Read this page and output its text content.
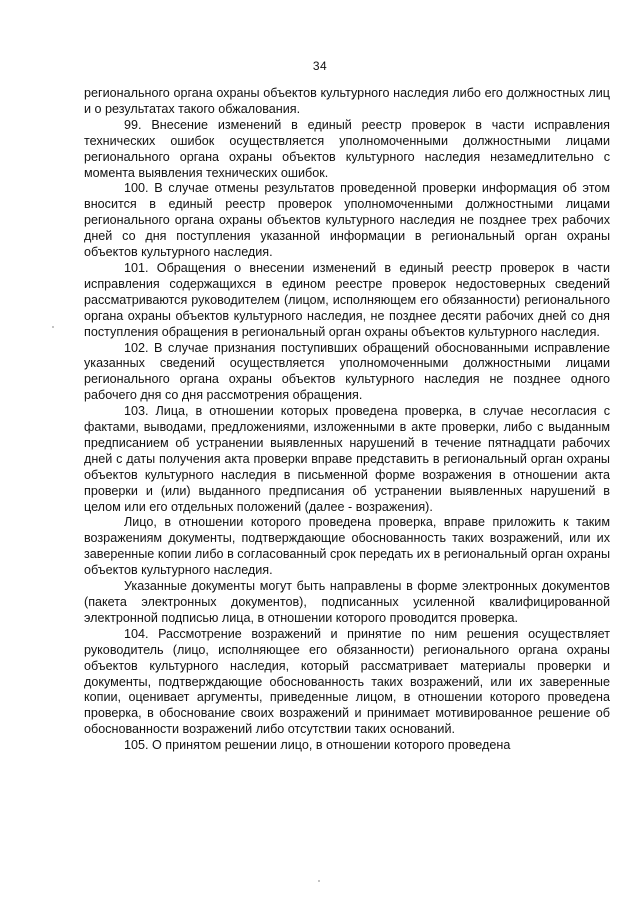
34

регионального органа охраны объектов культурного наследия либо его должностных лиц и о результатах такого обжалования.

99. Внесение изменений в единый реестр проверок в части исправления технических ошибок осуществляется уполномоченными должностными лицами регионального органа охраны объектов культурного наследия незамедлительно с момента выявления технических ошибок.

100. В случае отмены результатов проведенной проверки информация об этом вносится в единый реестр проверок уполномоченными должностными лицами регионального органа охраны объектов культурного наследия не позднее трех рабочих дней со дня поступления указанной информации в региональный орган охраны объектов культурного наследия.

101. Обращения о внесении изменений в единый реестр проверок в части исправления содержащихся в едином реестре проверок недостоверных сведений рассматриваются руководителем (лицом, исполняющем его обязанности) регионального органа охраны объектов культурного наследия, не позднее десяти рабочих дней со дня поступления обращения в региональный орган охраны объектов культурного наследия.

102. В случае признания поступивших обращений обоснованными исправление указанных сведений осуществляется уполномоченными должностными лицами регионального органа охраны объектов культурного наследия не позднее одного рабочего дня со дня рассмотрения обращения.

103. Лица, в отношении которых проведена проверка, в случае несогласия с фактами, выводами, предложениями, изложенными в акте проверки, либо с выданным предписанием об устранении выявленных нарушений в течение пятнадцати рабочих дней с даты получения акта проверки вправе представить в региональный орган охраны объектов культурного наследия в письменной форме возражения в отношении акта проверки и (или) выданного предписания об устранении выявленных нарушений в целом или его отдельных положений (далее - возражения).

Лицо, в отношении которого проведена проверка, вправе приложить к таким возражениям документы, подтверждающие обоснованность таких возражений, или их заверенные копии либо в согласованный срок передать их в региональный орган охраны объектов культурного наследия.

Указанные документы могут быть направлены в форме электронных документов (пакета электронных документов), подписанных усиленной квалифицированной электронной подписью лица, в отношении которого проводится проверка.

104. Рассмотрение возражений и принятие по ним решения осуществляет руководитель (лицо, исполняющее его обязанности) регионального органа охраны объектов культурного наследия, который рассматривает материалы проверки и документы, подтверждающие обоснованность таких возражений, или их заверенные копии, оценивает аргументы, приведенные лицом, в отношении которого проведена проверка, в обоснование своих возражений и принимает мотивированное решение об обоснованности возражений либо отсутствии таких оснований.

105. О принятом решении лицо, в отношении которого проведена
